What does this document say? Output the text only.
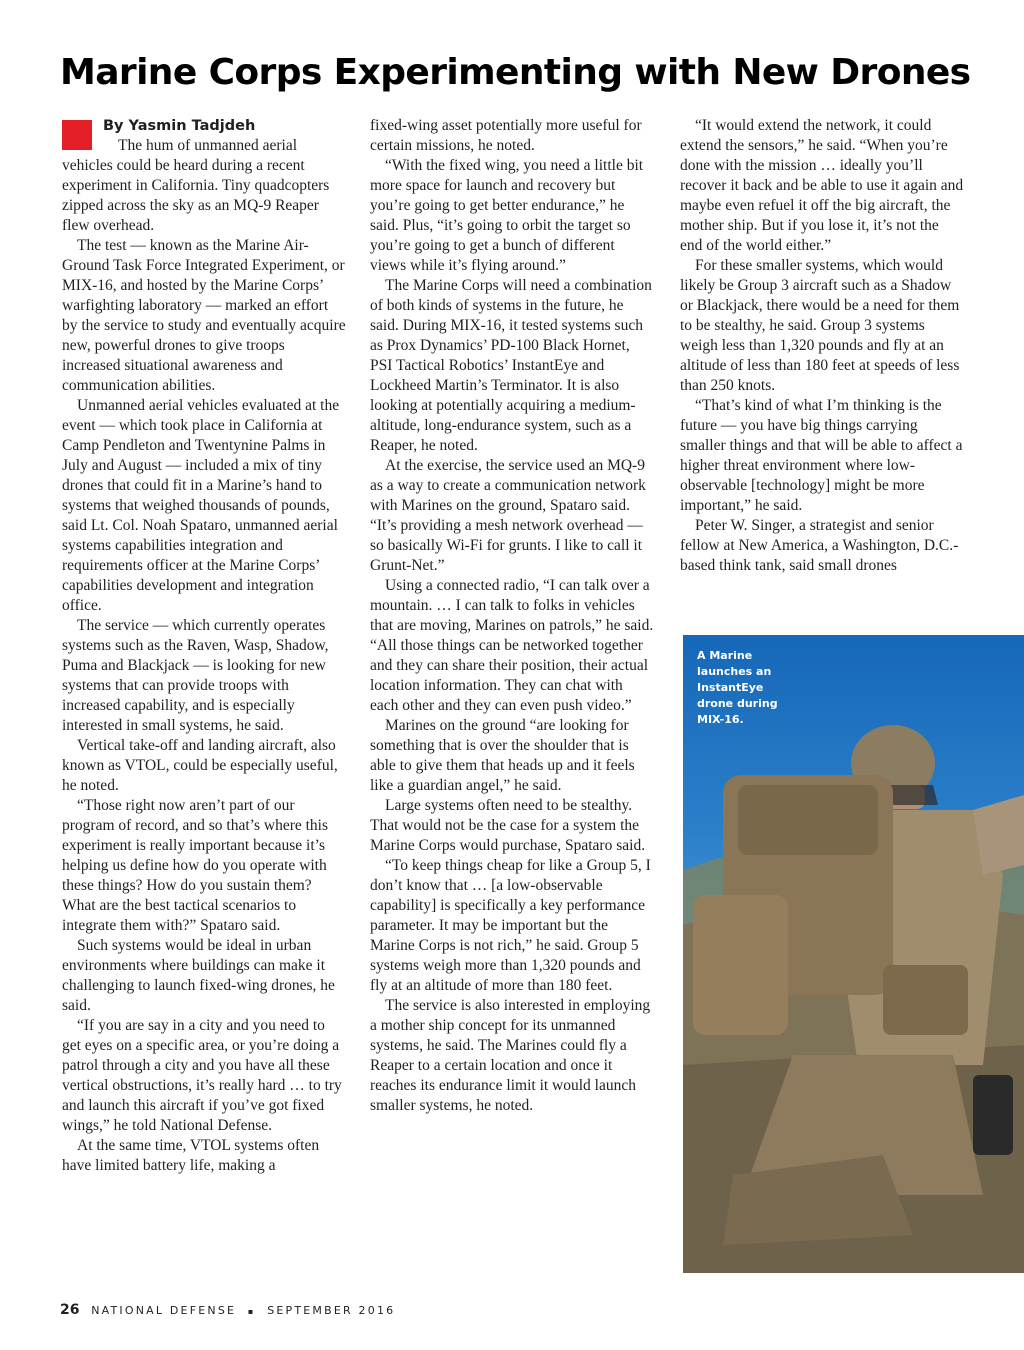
Marine Corps Experimenting with New Drones
By Yasmin Tadjdeh

The hum of unmanned aerial

vehicles could be heard during a recent experiment in California. Tiny quadcopters zipped across the sky as an MQ-9 Reaper flew overhead.

The test — known as the Marine Air-Ground Task Force Integrated Experiment, or MIX-16, and hosted by the Marine Corps’ warfighting laboratory — marked an effort by the service to study and eventually acquire new, powerful drones to give troops increased situational awareness and communication abilities.

Unmanned aerial vehicles evaluated at the event — which took place in California at Camp Pendleton and Twentynine Palms in July and August — included a mix of tiny drones that could fit in a Marine’s hand to systems that weighed thousands of pounds, said Lt. Col. Noah Spataro, unmanned aerial systems capabilities integration and requirements officer at the Marine Corps’ capabilities development and integration office.

The service — which currently operates systems such as the Raven, Wasp, Shadow, Puma and Blackjack — is looking for new systems that can provide troops with increased capability, and is especially interested in small systems, he said.

Vertical take-off and landing aircraft, also known as VTOL, could be especially useful, he noted.

“Those right now aren’t part of our program of record, and so that’s where this experiment is really important because it’s helping us define how do you operate with these things? How do you sustain them? What are the best tactical scenarios to integrate them with?” Spataro said.

Such systems would be ideal in urban environments where buildings can make it challenging to launch fixed-wing drones, he said.

“If you are say in a city and you need to get eyes on a specific area, or you’re doing a patrol through a city and you have all these vertical obstructions, it’s really hard … to try and launch this aircraft if you’ve got fixed wings,” he told National Defense.

At the same time, VTOL systems often have limited battery life, making a

fixed-wing asset potentially more useful for certain missions, he noted.

“With the fixed wing, you need a little bit more space for launch and recovery but you’re going to get better endurance,” he said. Plus, “it’s going to orbit the target so you’re going to get a bunch of different views while it’s flying around.”

The Marine Corps will need a combination of both kinds of systems in the future, he said. During MIX-16, it tested systems such as Prox Dynamics’ PD-100 Black Hornet, PSI Tactical Robotics’ InstantEye and Lockheed Martin’s Terminator. It is also looking at potentially acquiring a medium-altitude, long-endurance system, such as a Reaper, he noted.

At the exercise, the service used an MQ-9 as a way to create a communication network with Marines on the ground, Spataro said. “It’s providing a mesh network overhead — so basically Wi-Fi for grunts. I like to call it Grunt-Net.”

Using a connected radio, “I can talk over a mountain. … I can talk to folks in vehicles that are moving, Marines on patrols,” he said. “All those things can be networked together and they can share their position, their actual location information. They can chat with each other and they can even push video.”

Marines on the ground “are looking for something that is over the shoulder that is able to give them that heads up and it feels like a guardian angel,” he said.

Large systems often need to be stealthy. That would not be the case for a system the Marine Corps would purchase, Spataro said.

“To keep things cheap for like a Group 5, I don’t know that … [a low-observable capability] is specifically a key performance parameter. It may be important but the Marine Corps is not rich,” he said. Group 5 systems weigh more than 1,320 pounds and fly at an altitude of more than 180 feet.

The service is also interested in employing a mother ship concept for its unmanned systems, he said. The Marines could fly a Reaper to a certain location and once it reaches its endurance limit it would launch smaller systems, he noted.

“It would extend the network, it could extend the sensors,” he said. “When you’re done with the mission … ideally you’ll recover it back and be able to use it again and maybe even refuel it off the big aircraft, the mother ship. But if you lose it, it’s not the end of the world either.”

For these smaller systems, which would likely be Group 3 aircraft such as a Shadow or Blackjack, there would be a need for them to be stealthy, he said. Group 3 systems weigh less than 1,320 pounds and fly at an altitude of less than 180 feet at speeds of less than 250 knots.

“That’s kind of what I’m thinking is the future — you have big things carrying smaller things and that will be able to affect a higher threat environment where low-observable [technology] might be more important,” he said.

Peter W. Singer, a strategist and senior fellow at New America, a Washington, D.C.-based think tank, said small drones

A Marine launches an InstantEye drone during MIX-16.
26 NATIONAL DEFENSE ▪ SEPTEMBER 2016
